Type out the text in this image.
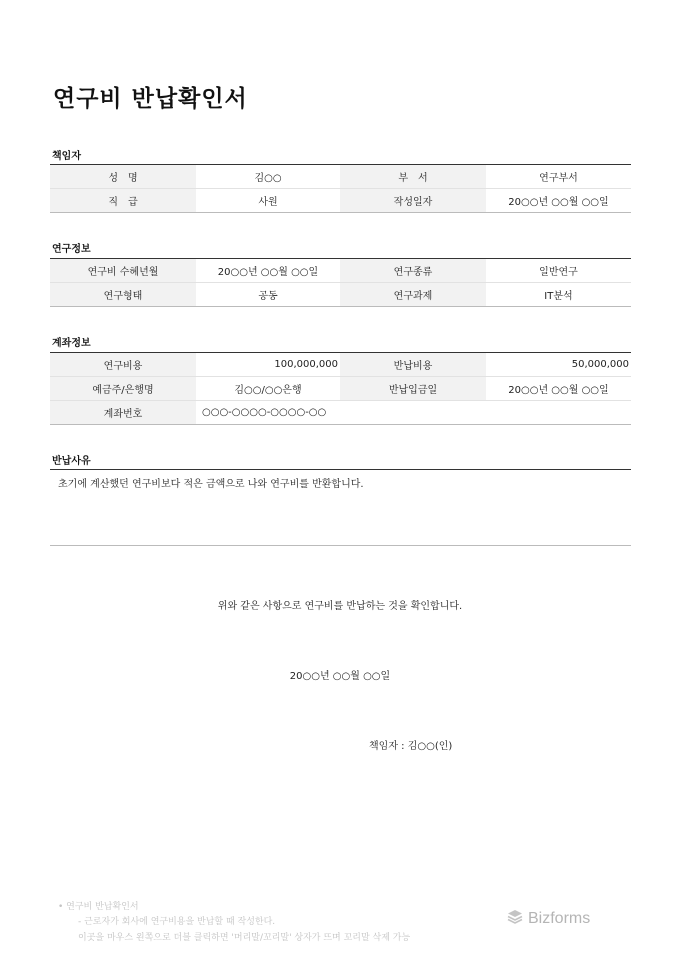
연구비 반납확인서
책임자
성　명	김○○	부　서	연구부서
직　급	사원	작성일자	20○○년 ○○월 ○○일
연구정보
연구비 수혜년월	20○○년 ○○월 ○○일	연구종류	일반연구
연구형태	공동	연구과제	IT분석
계좌정보
연구비용	100,000,000	반납비용	50,000,000
예금주/은행명	김○○/○○은행	반납입금일	20○○년 ○○월 ○○일
계좌번호	○○○-○○○○-○○○○-○○		
반납사유
초기에 계산했던 연구비보다 적은 금액으로 나와 연구비를 반환합니다.
위와 같은 사항으로 연구비를 반납하는 것을 확인합니다.
20○○년 ○○월 ○○일
책임자 : 김○○(인)
• 연구비 반납확인서
- 근로자가 회사에 연구비용을 반납할 때 작성한다.
이곳을 마우스 왼쪽으로 더블 클릭하면 '머리말/꼬리말' 상자가 뜨며 꼬리말 삭제 가능
Bizforms
